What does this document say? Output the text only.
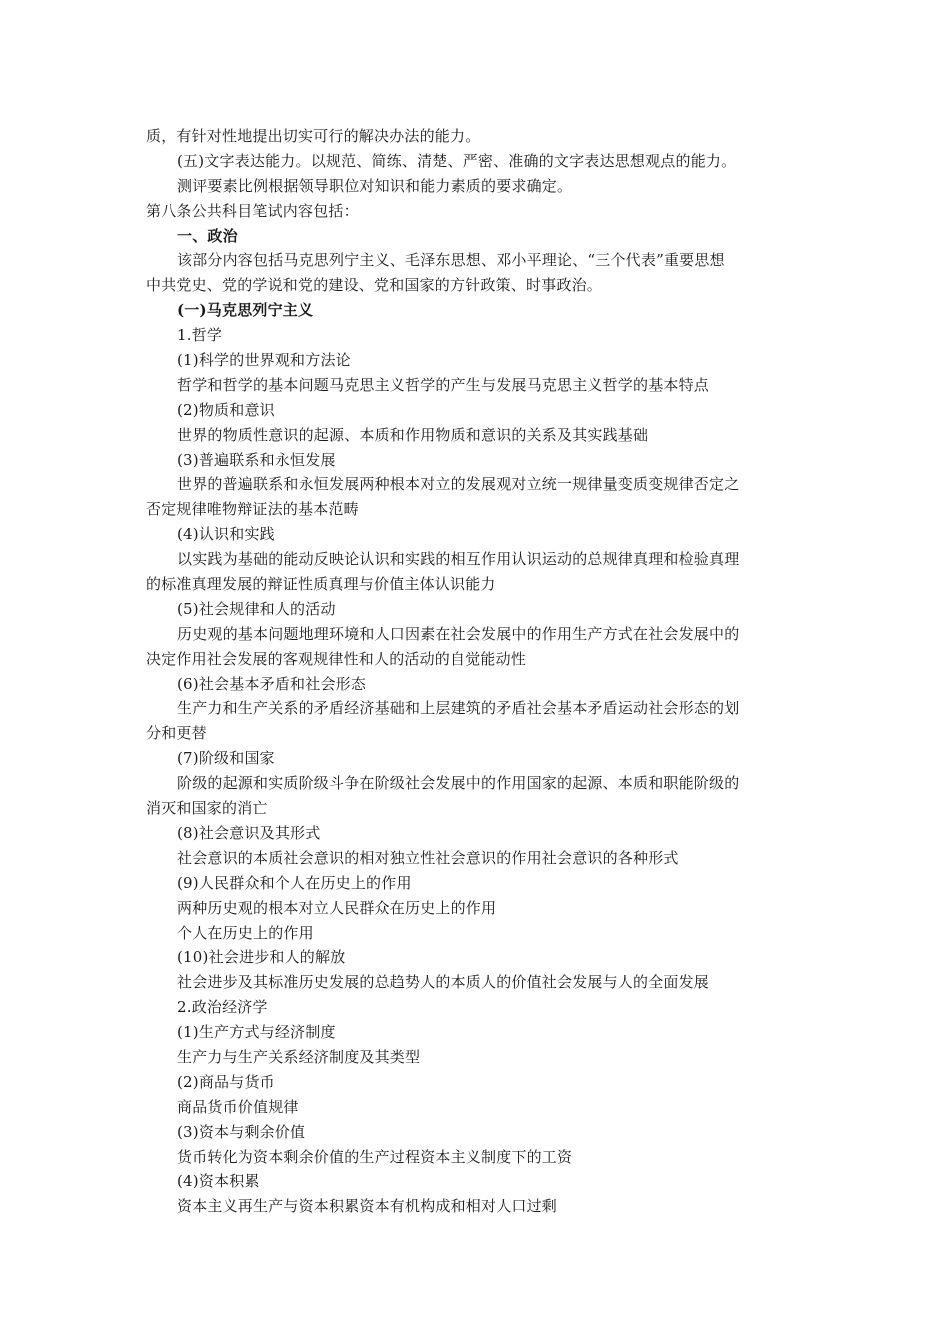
质，有针对性地提出切实可行的解决办法的能力。
(五)文字表达能力。以规范、简练、清楚、严密、准确的文字表达思想观点的能力。
测评要素比例根据领导职位对知识和能力素质的要求确定。
第八条公共科目笔试内容包括：
一、政治
该部分内容包括马克思列宁主义、毛泽东思想、邓小平理论、“三个代表”重要思想
中共党史、党的学说和党的建设、党和国家的方针政策、时事政治。
(一)马克思列宁主义
1.哲学
(1)科学的世界观和方法论
哲学和哲学的基本问题马克思主义哲学的产生与发展马克思主义哲学的基本特点
(2)物质和意识
世界的物质性意识的起源、本质和作用物质和意识的关系及其实践基础
(3)普遍联系和永恒发展
世界的普遍联系和永恒发展两种根本对立的发展观对立统一规律量变质变规律否定之
否定规律唯物辩证法的基本范畴
(4)认识和实践
以实践为基础的能动反映论认识和实践的相互作用认识运动的总规律真理和检验真理
的标准真理发展的辩证性质真理与价值主体认识能力
(5)社会规律和人的活动
历史观的基本问题地理环境和人口因素在社会发展中的作用生产方式在社会发展中的
决定作用社会发展的客观规律性和人的活动的自觉能动性
(6)社会基本矛盾和社会形态
生产力和生产关系的矛盾经济基础和上层建筑的矛盾社会基本矛盾运动社会形态的划
分和更替
(7)阶级和国家
阶级的起源和实质阶级斗争在阶级社会发展中的作用国家的起源、本质和职能阶级的
消灭和国家的消亡
(8)社会意识及其形式
社会意识的本质社会意识的相对独立性社会意识的作用社会意识的各种形式
(9)人民群众和个人在历史上的作用
两种历史观的根本对立人民群众在历史上的作用
个人在历史上的作用
(10)社会进步和人的解放
社会进步及其标准历史发展的总趋势人的本质人的价值社会发展与人的全面发展
2.政治经济学
(1)生产方式与经济制度
生产力与生产关系经济制度及其类型
(2)商品与货币
商品货币价值规律
(3)资本与剩余价值
货币转化为资本剩余价值的生产过程资本主义制度下的工资
(4)资本积累
资本主义再生产与资本积累资本有机构成和相对人口过剩
